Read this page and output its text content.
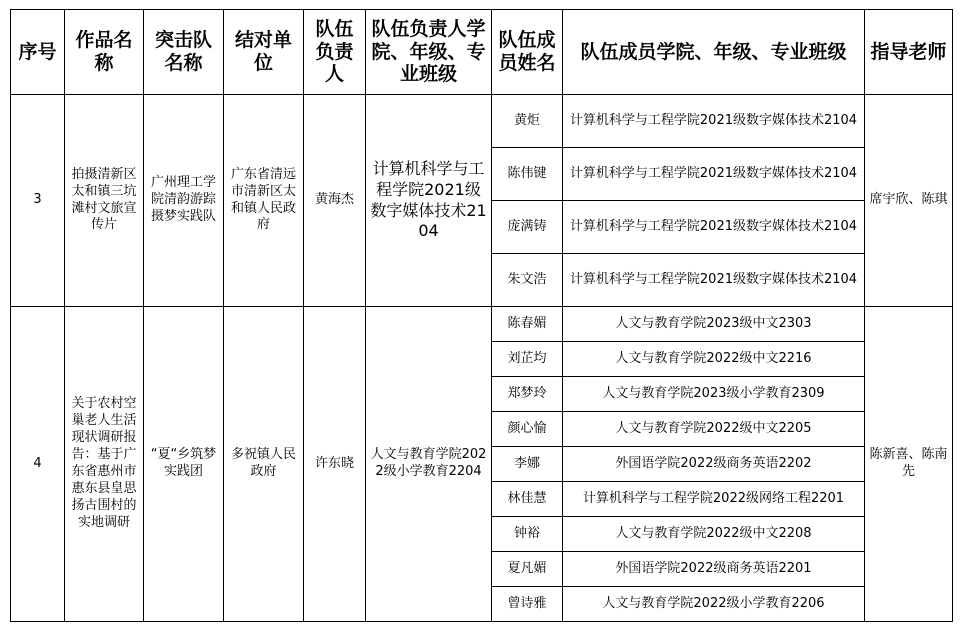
序号	作品名称	突击队名称	结对单位	队伍负责人	队伍负责人学院、年级、专业班级	队伍成员姓名	队伍成员学院、年级、专业班级	指导老师
3	拍摄清新区太和镇三坑滩村文旅宣传片	广州理工学院清韵游踪摄梦实践队	广东省清远市清新区太和镇人民政府	黄海杰	计算机科学与工程学院2021级数字媒体技术2104	黄炬	计算机科学与工程学院2021级数字媒体技术2104	席宇欣、陈琪
						陈伟键	计算机科学与工程学院2021级数字媒体技术2104	
						庞满铸	计算机科学与工程学院2021级数字媒体技术2104	
						朱文浩	计算机科学与工程学院2021级数字媒体技术2104	
4	关于农村空巢老人生活现状调研报告：基于广东省惠州市惠东县皇思扬古围村的实地调研	“夏“乡筑梦实践团	多祝镇人民政府	许东晓	人文与教育学院2022级小学教育2204	陈春媚	人文与教育学院2023级中文2303	陈新喜、陈南先
						刘芷均	人文与教育学院2022级中文2216	
						郑梦玲	人文与教育学院2023级小学教育2309	
						颜心愉	人文与教育学院2022级中文2205	
						李娜	外国语学院2022级商务英语2202	
						林佳慧	计算机科学与工程学院2022级网络工程2201	
						钟裕	人文与教育学院2022级中文2208	
						夏凡媚	外国语学院2022级商务英语2201	
						曾诗雅	人文与教育学院2022级小学教育2206	
